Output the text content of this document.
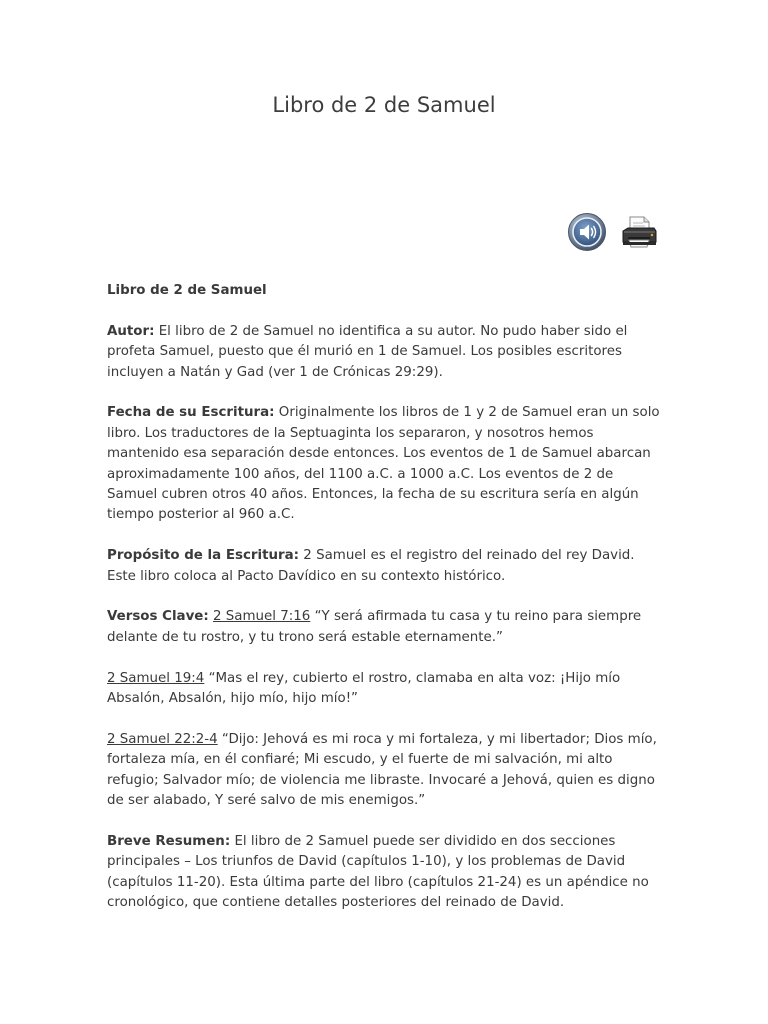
Libro de 2 de Samuel

Libro de 2 de Samuel

Autor: El libro de 2 de Samuel no identifica a su autor. No pudo haber sido el profeta Samuel, puesto que él murió en 1 de Samuel. Los posibles escritores incluyen a Natán y Gad (ver 1 de Crónicas 29:29).

Fecha de su Escritura: Originalmente los libros de 1 y 2 de Samuel eran un solo libro. Los traductores de la Septuaginta los separaron, y nosotros hemos mantenido esa separación desde entonces. Los eventos de 1 de Samuel abarcan aproximadamente 100 años, del 1100 a.C. a 1000 a.C. Los eventos de 2 de Samuel cubren otros 40 años. Entonces, la fecha de su escritura sería en algún tiempo posterior al 960 a.C.

Propósito de la Escritura: 2 Samuel es el registro del reinado del rey David. Este libro coloca al Pacto Davídico en su contexto histórico.

Versos Clave: 2 Samuel 7:16 “Y será afirmada tu casa y tu reino para siempre delante de tu rostro, y tu trono será estable eternamente.”

2 Samuel 19:4 “Mas el rey, cubierto el rostro, clamaba en alta voz: ¡Hijo mío Absalón, Absalón, hijo mío, hijo mío!”

2 Samuel 22:2-4 “Dijo: Jehová es mi roca y mi fortaleza, y mi libertador; Dios mío, fortaleza mía, en él confiaré; Mi escudo, y el fuerte de mi salvación, mi alto refugio; Salvador mío; de violencia me libraste. Invocaré a Jehová, quien es digno de ser alabado, Y seré salvo de mis enemigos.”

Breve Resumen: El libro de 2 Samuel puede ser dividido en dos secciones principales – Los triunfos de David (capítulos 1-10), y los problemas de David (capítulos 11-20). Esta última parte del libro (capítulos 21-24) es un apéndice no cronológico, que contiene detalles posteriores del reinado de David.
